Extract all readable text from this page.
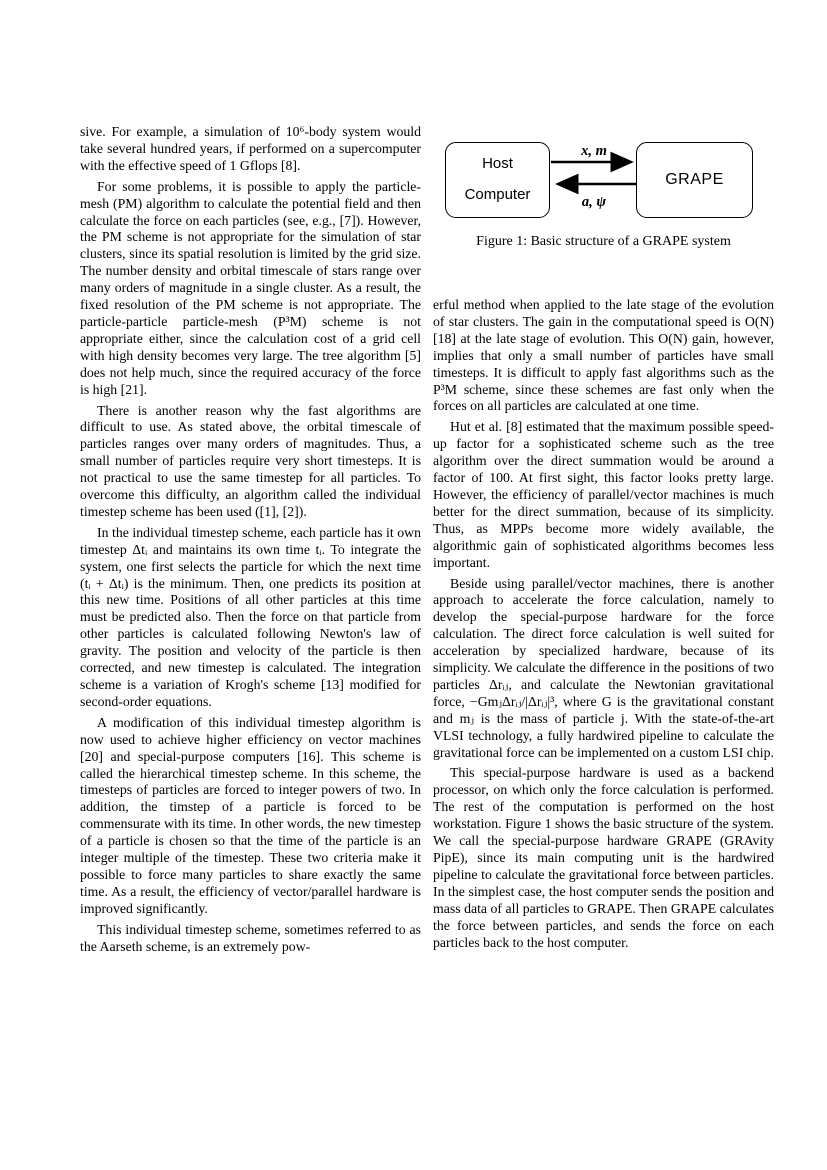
sive. For example, a simulation of 10⁶-body system would take several hundred years, if performed on a supercomputer with the effective speed of 1 Gflops [8].

For some problems, it is possible to apply the particle-mesh (PM) algorithm to calculate the potential field and then calculate the force on each particles (see, e.g., [7]). However, the PM scheme is not appropriate for the simulation of star clusters, since its spatial resolution is limited by the grid size. The number density and orbital timescale of stars range over many orders of magnitude in a single cluster. As a result, the fixed resolution of the PM scheme is not appropriate. The particle-particle particle-mesh (P³M) scheme is not appropriate either, since the calculation cost of a grid cell with high density becomes very large. The tree algorithm [5] does not help much, since the required accuracy of the force is high [21].

There is another reason why the fast algorithms are difficult to use. As stated above, the orbital timescale of particles ranges over many orders of magnitudes. Thus, a small number of particles require very short timesteps. It is not practical to use the same timestep for all particles. To overcome this difficulty, an algorithm called the individual timestep scheme has been used ([1], [2]).

In the individual timestep scheme, each particle has it own timestep Δtᵢ and maintains its own time tᵢ. To integrate the system, one first selects the particle for which the next time (tᵢ + Δtᵢ) is the minimum. Then, one predicts its position at this new time. Positions of all other particles at this time must be predicted also. Then the force on that particle from other particles is calculated following Newton's law of gravity. The position and velocity of the particle is then corrected, and new timestep is calculated. The integration scheme is a variation of Krogh's scheme [13] modified for second-order equations.

A modification of this individual timestep algorithm is now used to achieve higher efficiency on vector machines [20] and special-purpose computers [16]. This scheme is called the hierarchical timestep scheme. In this scheme, the timesteps of particles are forced to integer powers of two. In addition, the timstep of a particle is forced to be commensurate with its time. In other words, the new timestep of a particle is chosen so that the time of the particle is an integer multiple of the timestep. These two criteria make it possible to force many particles to share exactly the same time. As a result, the efficiency of vector/parallel hardware is improved significantly.

This individual timestep scheme, sometimes referred to as the Aarseth scheme, is an extremely pow-

Host
Computer
GRAPE
x, m
a, ψ
Figure 1: Basic structure of a GRAPE system

erful method when applied to the late stage of the evolution of star clusters. The gain in the computational speed is O(N) [18] at the late stage of evolution. This O(N) gain, however, implies that only a small number of particles have small timesteps. It is difficult to apply fast algorithms such as the P³M scheme, since these schemes are fast only when the forces on all particles are calculated at one time.

Hut et al. [8] estimated that the maximum possible speed-up factor for a sophisticated scheme such as the tree algorithm over the direct summation would be around a factor of 100. At first sight, this factor looks pretty large. However, the efficiency of parallel/vector machines is much better for the direct summation, because of its simplicity. Thus, as MPPs become more widely available, the algorithmic gain of sophisticated algorithms becomes less important.

Beside using parallel/vector machines, there is another approach to accelerate the force calculation, namely to develop the special-purpose hardware for the force calculation. The direct force calculation is well suited for acceleration by specialized hardware, because of its simplicity. We calculate the difference in the positions of two particles Δrᵢⱼ, and calculate the Newtonian gravitational force, −GmⱼΔrᵢⱼ/|Δrᵢⱼ|³, where G is the gravitational constant and mⱼ is the mass of particle j. With the state-of-the-art VLSI technology, a fully hardwired pipeline to calculate the gravitational force can be implemented on a custom LSI chip.

This special-purpose hardware is used as a backend processor, on which only the force calculation is performed. The rest of the computation is performed on the host workstation. Figure 1 shows the basic structure of the system. We call the special-purpose hardware GRAPE (GRAvity PipE), since its main computing unit is the hardwired pipeline to calculate the gravitational force between particles. In the simplest case, the host computer sends the position and mass data of all particles to GRAPE. Then GRAPE calculates the force between particles, and sends the force on each particles back to the host computer.
